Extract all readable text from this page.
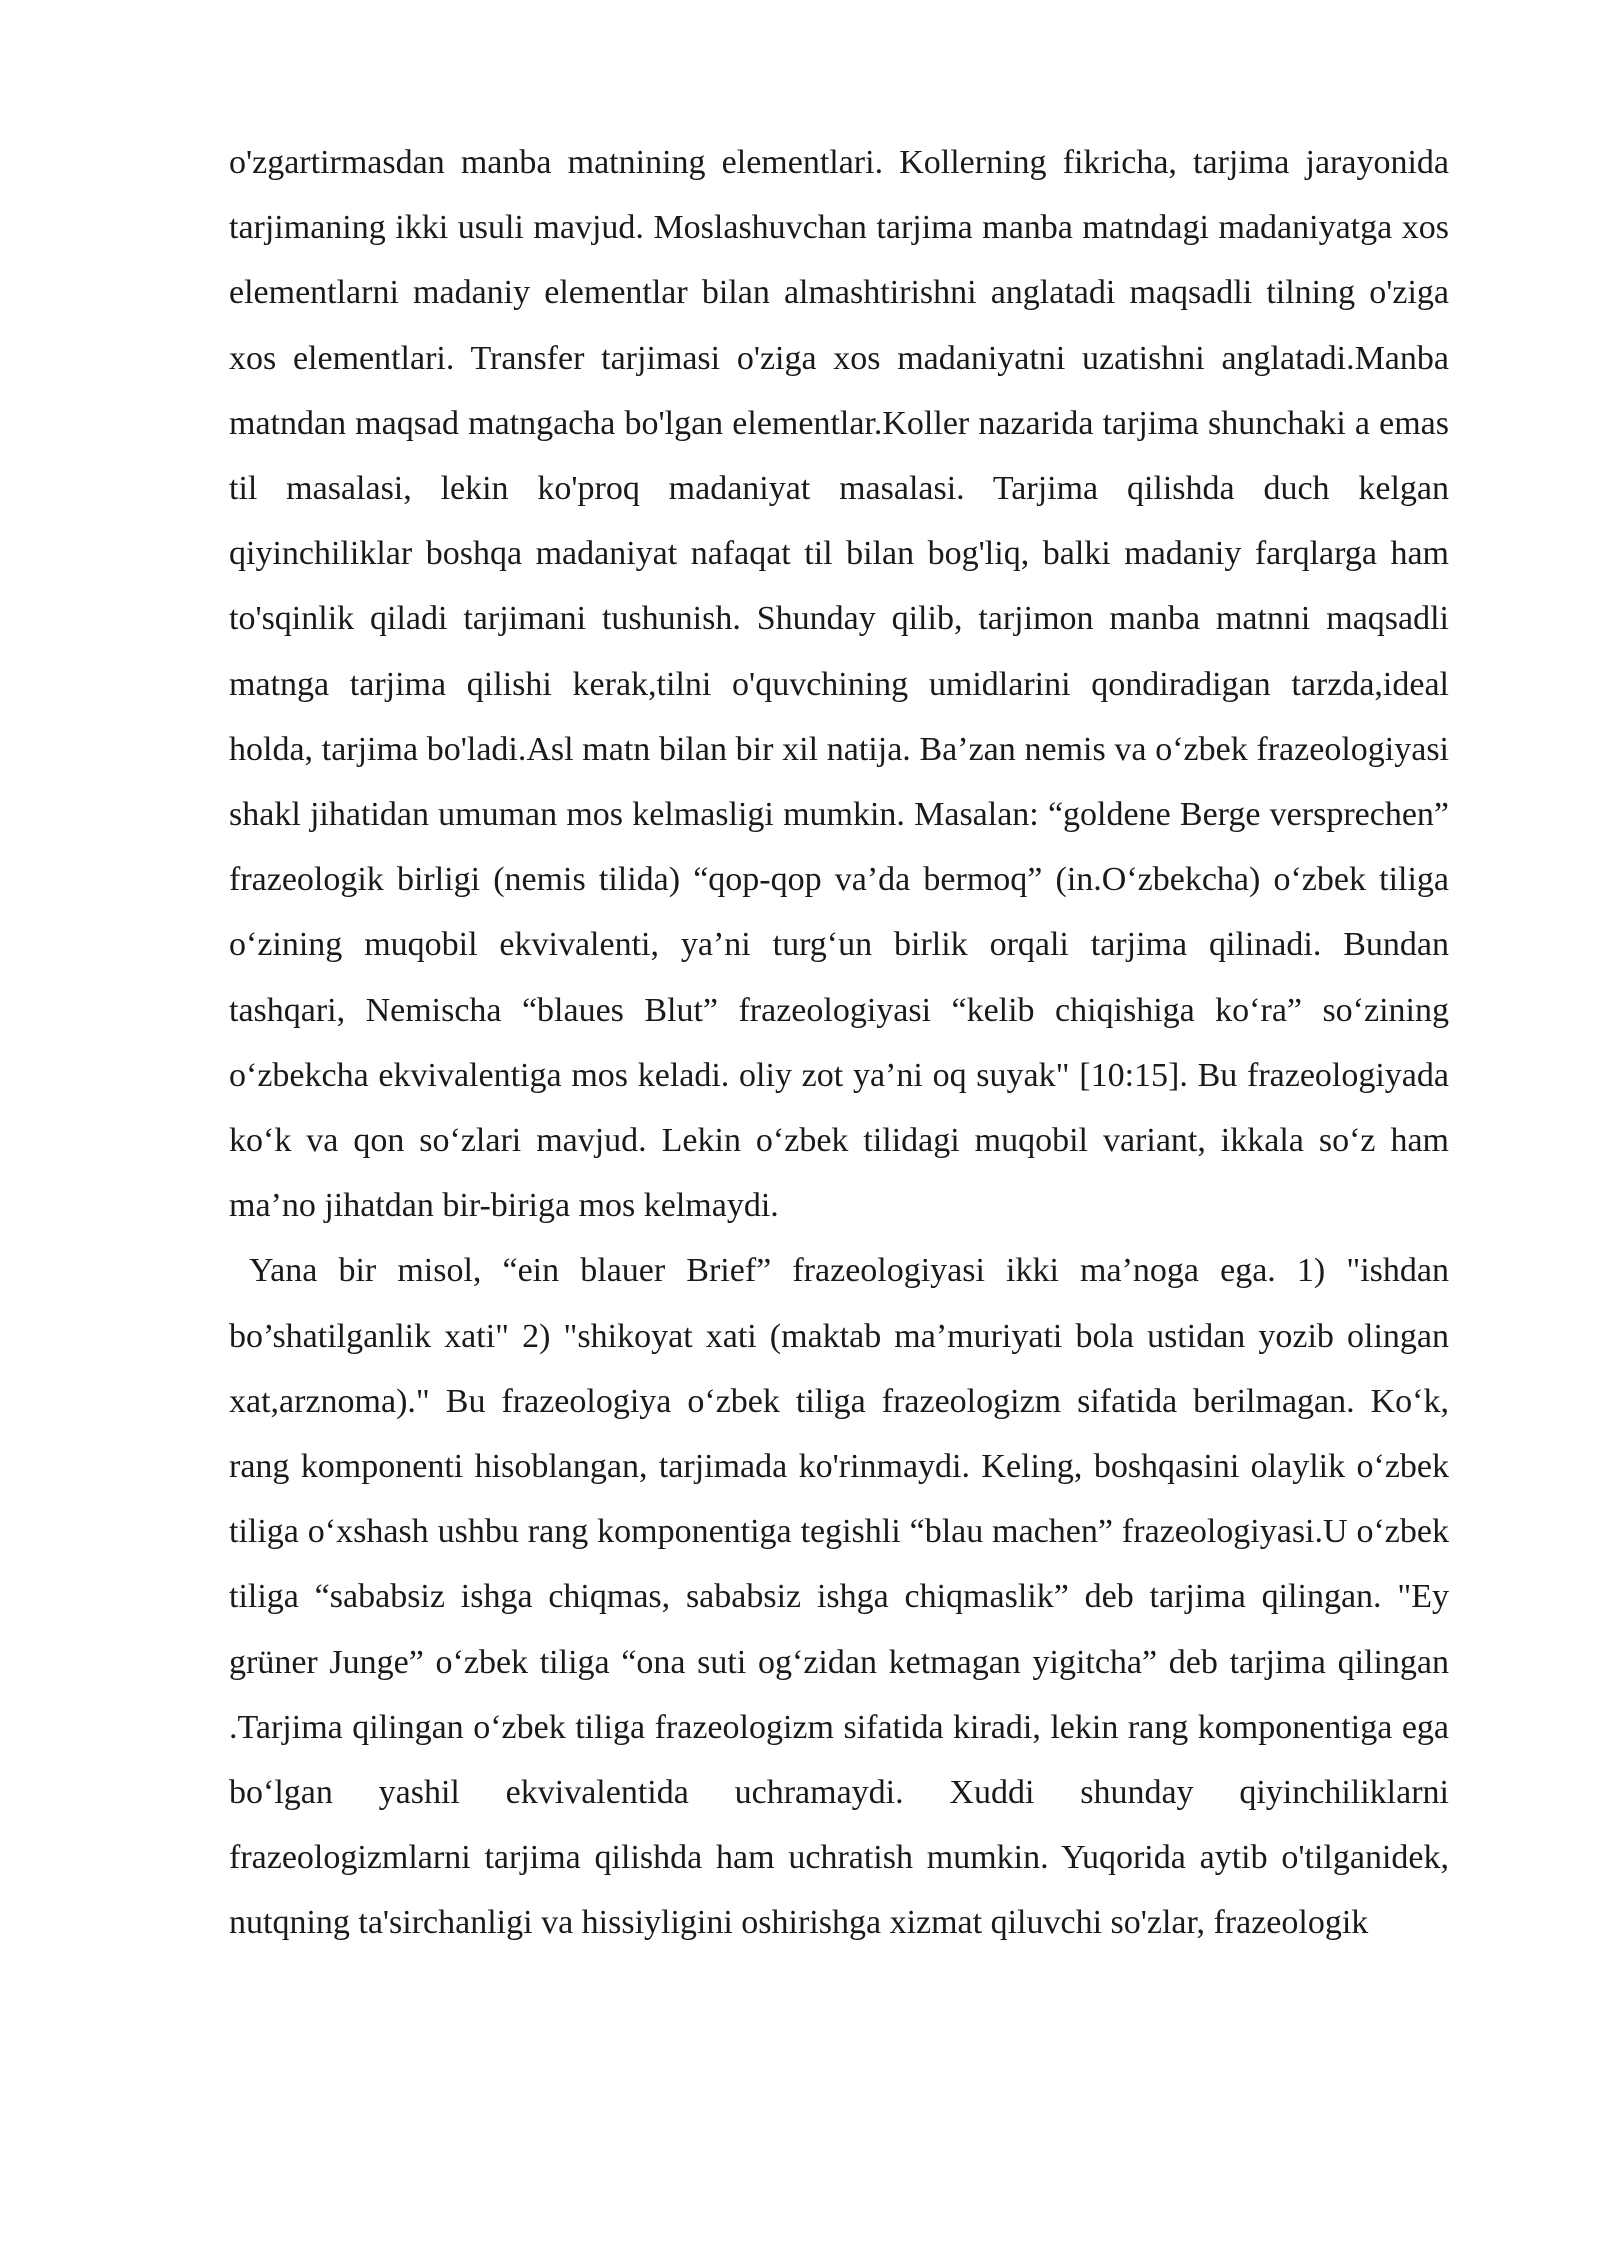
o'zgartirmasdan manba matnining elementlari. Kollerning fikricha, tarjima jarayonida tarjimaning ikki usuli mavjud. Moslashuvchan tarjima manba matndagi madaniyatga xos elementlarni madaniy elementlar bilan almashtirishni anglatadi maqsadli tilning o'ziga xos elementlari. Transfer tarjimasi o'ziga xos madaniyatni uzatishni anglatadi.Manba matndan maqsad matngacha bo'lgan elementlar.Koller nazarida tarjima shunchaki a emas til masalasi, lekin ko'proq madaniyat masalasi. Tarjima qilishda duch kelgan qiyinchiliklar boshqa madaniyat nafaqat til bilan bog'liq, balki madaniy farqlarga ham to'sqinlik qiladi tarjimani tushunish. Shunday qilib, tarjimon manba matnni maqsadli matnga tarjima qilishi kerak,tilni o'quvchining umidlarini qondiradigan tarzda,ideal holda, tarjima bo'ladi.Asl matn bilan bir xil natija. Ba’zan nemis va o‘zbek frazeologiyasi shakl jihatidan umuman mos kelmasligi mumkin. Masalan: “goldene Berge versprechen” frazeologik birligi (nemis tilida) “qop-qop va’da bermoq” (in.O‘zbekcha) o‘zbek tiliga o‘zining muqobil ekvivalenti, ya’ni turg‘un birlik orqali tarjima qilinadi. Bundan tashqari, Nemischa “blaues Blut” frazeologiyasi “kelib chiqishiga ko‘ra” so‘zining o‘zbekcha ekvivalentiga mos keladi. oliy zot ya’ni oq suyak" [10:15]. Bu frazeologiyada ko‘k va qon so‘zlari mavjud. Lekin o‘zbek tilidagi muqobil variant, ikkala so‘z ham ma’no jihatdan bir-biriga mos kelmaydi.

Yana bir misol, “ein blauer Brief” frazeologiyasi ikki ma’noga ega. 1) "ishdan bo’shatilganlik xati" 2) "shikoyat xati (maktab ma’muriyati bola ustidan yozib olingan xat,arznoma)." Bu frazeologiya o‘zbek tiliga frazeologizm sifatida berilmagan. Ko‘k, rang komponenti hisoblangan, tarjimada ko'rinmaydi. Keling, boshqasini olaylik o‘zbek tiliga o‘xshash ushbu rang komponentiga tegishli “blau machen” frazeologiyasi.U o‘zbek tiliga “sababsiz ishga chiqmas, sababsiz ishga chiqmaslik” deb tarjima qilingan. "Ey grüner Junge” o‘zbek tiliga “ona suti og‘zidan ketmagan yigitcha” deb tarjima qilingan .Tarjima qilingan o‘zbek tiliga frazeologizm sifatida kiradi, lekin rang komponentiga ega bo‘lgan yashil ekvivalentida uchramaydi. Xuddi shunday qiyinchiliklarni frazeologizmlarni tarjima qilishda ham uchratish mumkin. Yuqorida aytib o'tilganidek, nutqning ta'sirchanligi va hissiyligini oshirishga xizmat qiluvchi so'zlar, frazeologik
